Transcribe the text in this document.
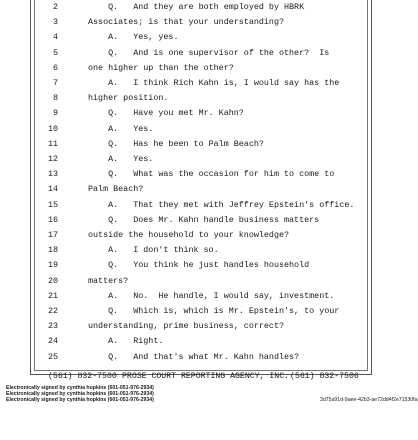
2	Q.   And they are both employed by HBRK
3	Associates; is that your understanding?
4	A.   Yes, yes.
5	Q.   And is one supervisor of the other?  Is
6	one higher up than the other?
7	A.   I think Rich Kahn is, I would say has the
8	higher position.
9	Q.   Have you met Mr. Kahn?
10	A.   Yes.
11	Q.   Has he been to Palm Beach?
12	A.   Yes.
13	Q.   What was the occasion for him to come to
14	Palm Beach?
15	A.   That they met with Jeffrey Epstein's office.
16	Q.   Does Mr. Kahn handle business matters
17	outside the household to your knowledge?
18	A.   I don't think so.
19	Q.   You think he just handles household
20	matters?
21	A.   No.  He handle, I would say, investment.
22	Q.   Which is, which is Mr. Epstein's, to your
23	understanding, prime business, correct?
24	A.   Right.
25	Q.   And that's what Mr. Kahn handles?

(561) 832-7500

PROSE COURT REPORTING AGENCY, INC.

(561) 832-7506

Electronically signed by cynthia hopkins (601-051-976-2934)
Electronically signed by cynthia hopkins (601-051-976-2934)
Electronically signed by cynthia hopkins (601-051-976-2934)	3d75a91d-9aee-42b3-ae72dd4f2e71530fa
